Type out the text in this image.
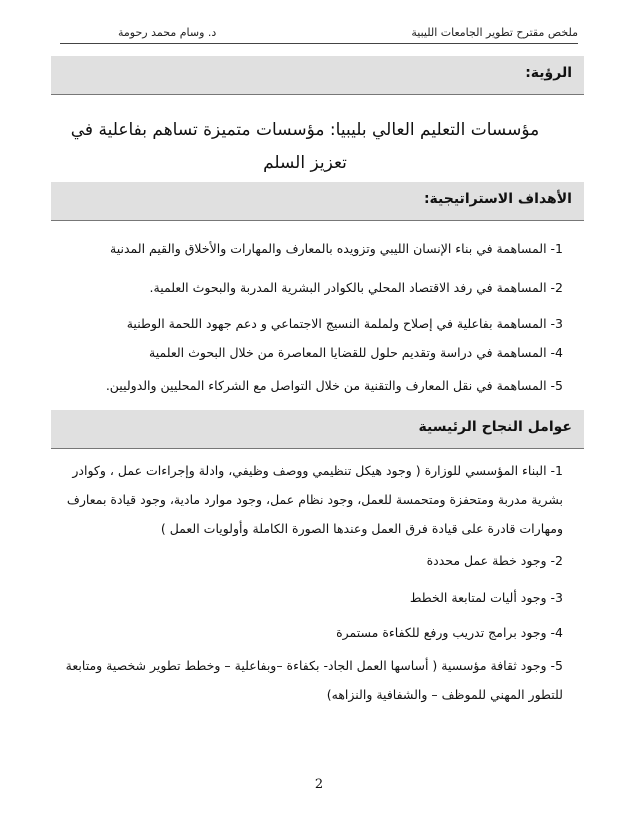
ملخص مقترح تطوير الجامعات الليبية
د. وسام محمد رحومة
الرؤية:
مؤسسات التعليم العالي بليبيا: مؤسسات متميزة تساهم بفاعلية في تعزيز السلم
الأهداف الاستراتيجية:
1- المساهمة في بناء الإنسان الليبي وتزويده بالمعارف والمهارات والأخلاق والقيم المدنية
2- المساهمة في رفد الاقتصاد المحلي بالكوادر البشرية المدربة والبحوث العلمية.
3- المساهمة بفاعلية في إصلاح ولملمة النسيج الاجتماعي و دعم جهود اللحمة الوطنية
4- المساهمة في دراسة وتقديم حلول للقضايا المعاصرة من خلال البحوث العلمية
5- المساهمة في نقل المعارف والتقنية من خلال التواصل مع الشركاء المحليين والدوليين.
عوامل النجاح الرئيسية
1- البناء المؤسسي للوزارة ( وجود هيكل تنظيمي ووصف وظيفي، وادلة وإجراءات عمل ، وكوادر بشرية مدربة ومتحفزة ومتحمسة للعمل، وجود نظام عمل، وجود موارد مادية، وجود قيادة بمعارف ومهارات قادرة على قيادة فرق العمل وعندها الصورة الكاملة وأولويات العمل )
2- وجود خطة عمل محددة
3- وجود أليات لمتابعة الخطط
4- وجود برامج تدريب ورفع للكفاءة مستمرة
5- وجود ثقافة مؤسسية ( أساسها العمل الجاد- بكفاءة –وبفاعلية – وخطط تطوير شخصية ومتابعة للتطور المهني للموظف – والشفافية والنزاهه)
2
